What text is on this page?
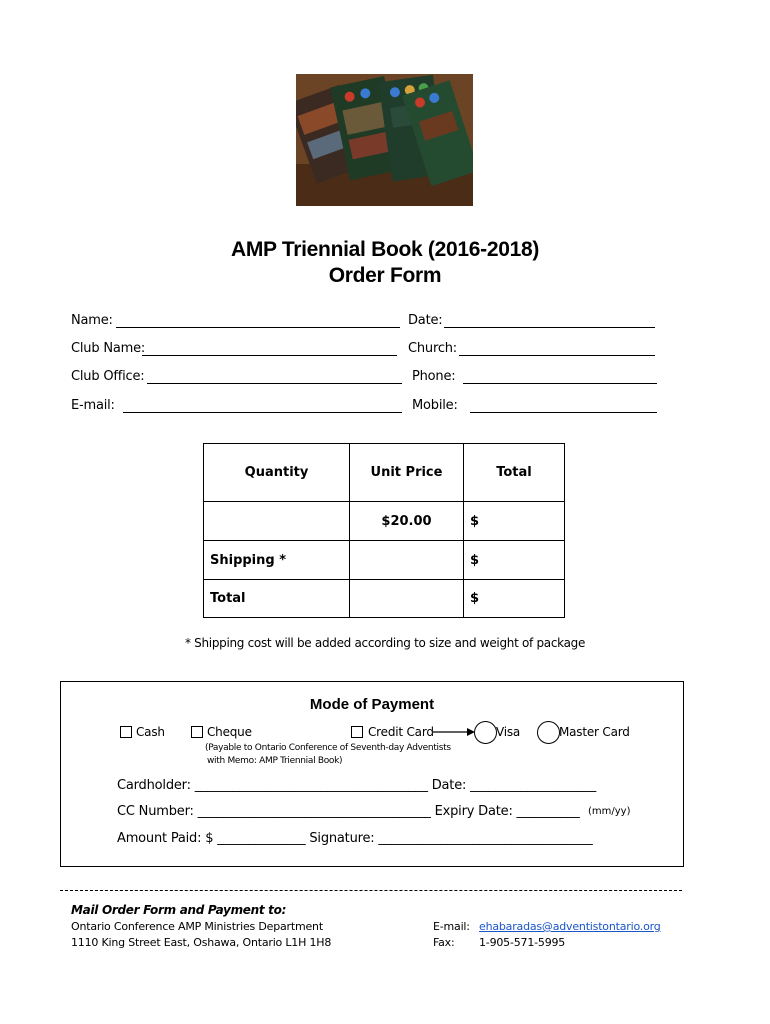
AMP Triennial Book (2016-2018)
Order Form
Name:	Date:
Club Name:	Church:
Club Office:	Phone:
E-mail:	Mobile:
Quantity	Unit Price	Total
	$20.00	$
Shipping *		$
Total		$
* Shipping cost will be added according to size and weight of package
Mode of Payment
Cash	Cheque	Credit Card	Visa	Master Card
(Payable to Ontario Conference of Seventh-day Adventists
with Memo: AMP Triennial Book)
Cardholder: _____________________________________ Date: ____________________
CC Number: _____________________________________ Expiry Date: __________ (mm/yy)
Amount Paid: $ ______________ Signature: __________________________________
Mail Order Form and Payment to:
Ontario Conference AMP Ministries Department
1110 King Street East, Oshawa, Ontario L1H 1H8
E-mail: ehabaradas@adventistontario.org
Fax: 1-905-571-5995
